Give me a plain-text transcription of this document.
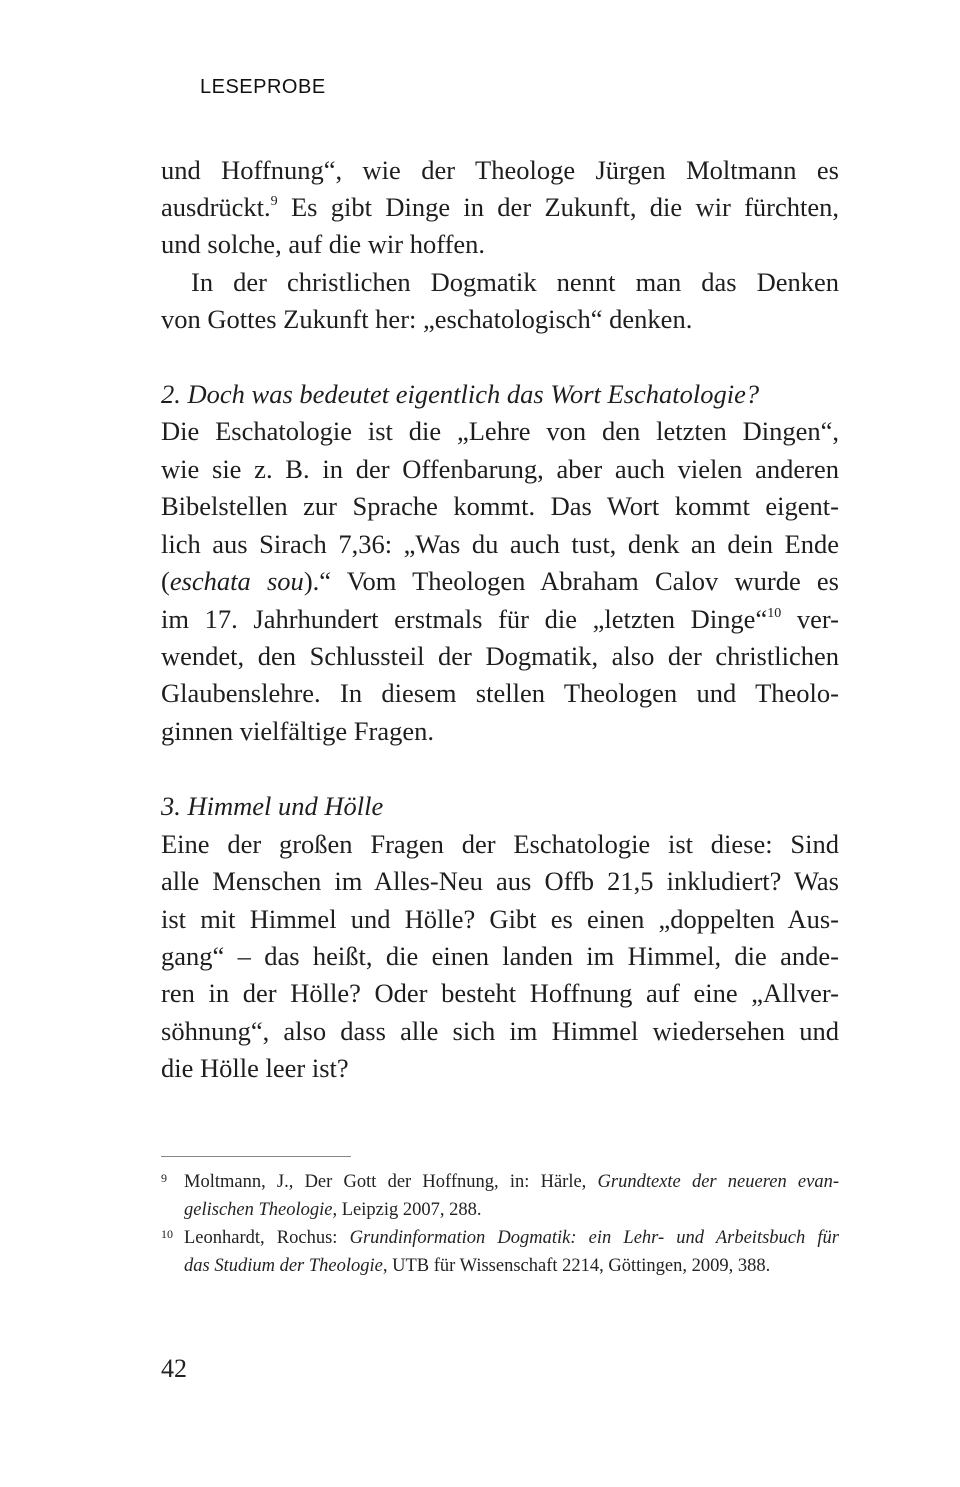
LESEPROBE
und Hoffnung“, wie der Theologe Jürgen Moltmann es
ausdrückt.$^9$ Es gibt Dinge in der Zukunft, die wir fürchten,
und solche, auf die wir hoffen.
In der christlichen Dogmatik nennt man das Denken
von Gottes Zukunft her: „eschatologisch“ denken.
2. Doch was bedeutet eigentlich das Wort Eschatologie?
Die Eschatologie ist die „Lehre von den letzten Dingen“,
wie sie z. B. in der Offenbarung, aber auch vielen anderen
Bibelstellen zur Sprache kommt. Das Wort kommt eigent-
lich aus Sirach 7,36: „Was du auch tust, denk an dein Ende
(eschata sou).“ Vom Theologen Abraham Calov wurde es
im 17. Jahrhundert erstmals für die „letzten Dinge“$^{10}$ ver-
wendet, den Schlussteil der Dogmatik, also der christlichen
Glaubenslehre. In diesem stellen Theologen und Theolo-
ginnen vielfältige Fragen.
3. Himmel und Hölle
Eine der großen Fragen der Eschatologie ist diese: Sind
alle Menschen im Alles-Neu aus Offb 21,5 inkludiert? Was
ist mit Himmel und Hölle? Gibt es einen „doppelten Aus-
gang“ – das heißt, die einen landen im Himmel, die ande-
ren in der Hölle? Oder besteht Hoffnung auf eine „Allver-
söhnung“, also dass alle sich im Himmel wiedersehen und
die Hölle leer ist?
9 Moltmann, J., Der Gott der Hoffnung, in: Härle, Grundtexte der neueren evan-
gelischen Theologie, Leipzig 2007, 288.
10 Leonhardt, Rochus: Grundinformation Dogmatik: ein Lehr- und Arbeitsbuch für
das Studium der Theologie, UTB für Wissenschaft 2214, Göttingen, 2009, 388.
42
